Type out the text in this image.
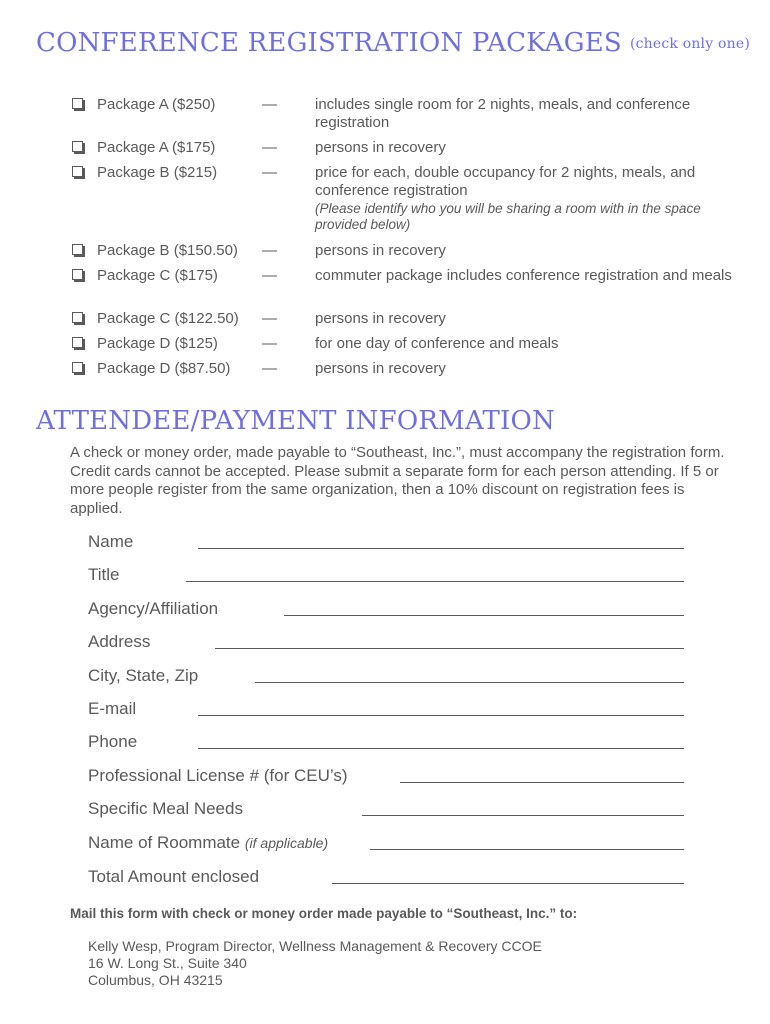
CONFERENCE REGISTRATION PACKAGES (check only one)
Package A ($250)	—	includes single room for 2 nights, meals, and conference registration
Package A ($175)	—	persons in recovery
Package B ($215)	—	price for each, double occupancy for 2 nights, meals, and conference registration
(Please identify who you will be sharing a room with in the space provided below)
Package B ($150.50) —	persons in recovery
Package C ($175)	—	commuter package includes conference registration and meals
Package C ($122.50) —	persons in recovery
Package D ($125)	—	for one day of conference and meals
Package D ($87.50) —	persons in recovery
ATTENDEE/PAYMENT INFORMATION

A check or money order, made payable to “Southeast, Inc.”, must accompany the registration form. Credit cards cannot be accepted. Please submit a separate form for each person attending. If 5 or more people register from the same organization, then a 10% discount on registration fees is applied.

Name
Title
Agency/Affiliation
Address
City, State, Zip
E-mail
Phone
Professional License # (for CEU’s)
Specific Meal Needs
Name of Roommate (if applicable)
Total Amount enclosed

Mail this form with check or money order made payable to “Southeast, Inc.” to:

Kelly Wesp, Program Director, Wellness Management & Recovery CCOE
16 W. Long St., Suite 340
Columbus, OH 43215
